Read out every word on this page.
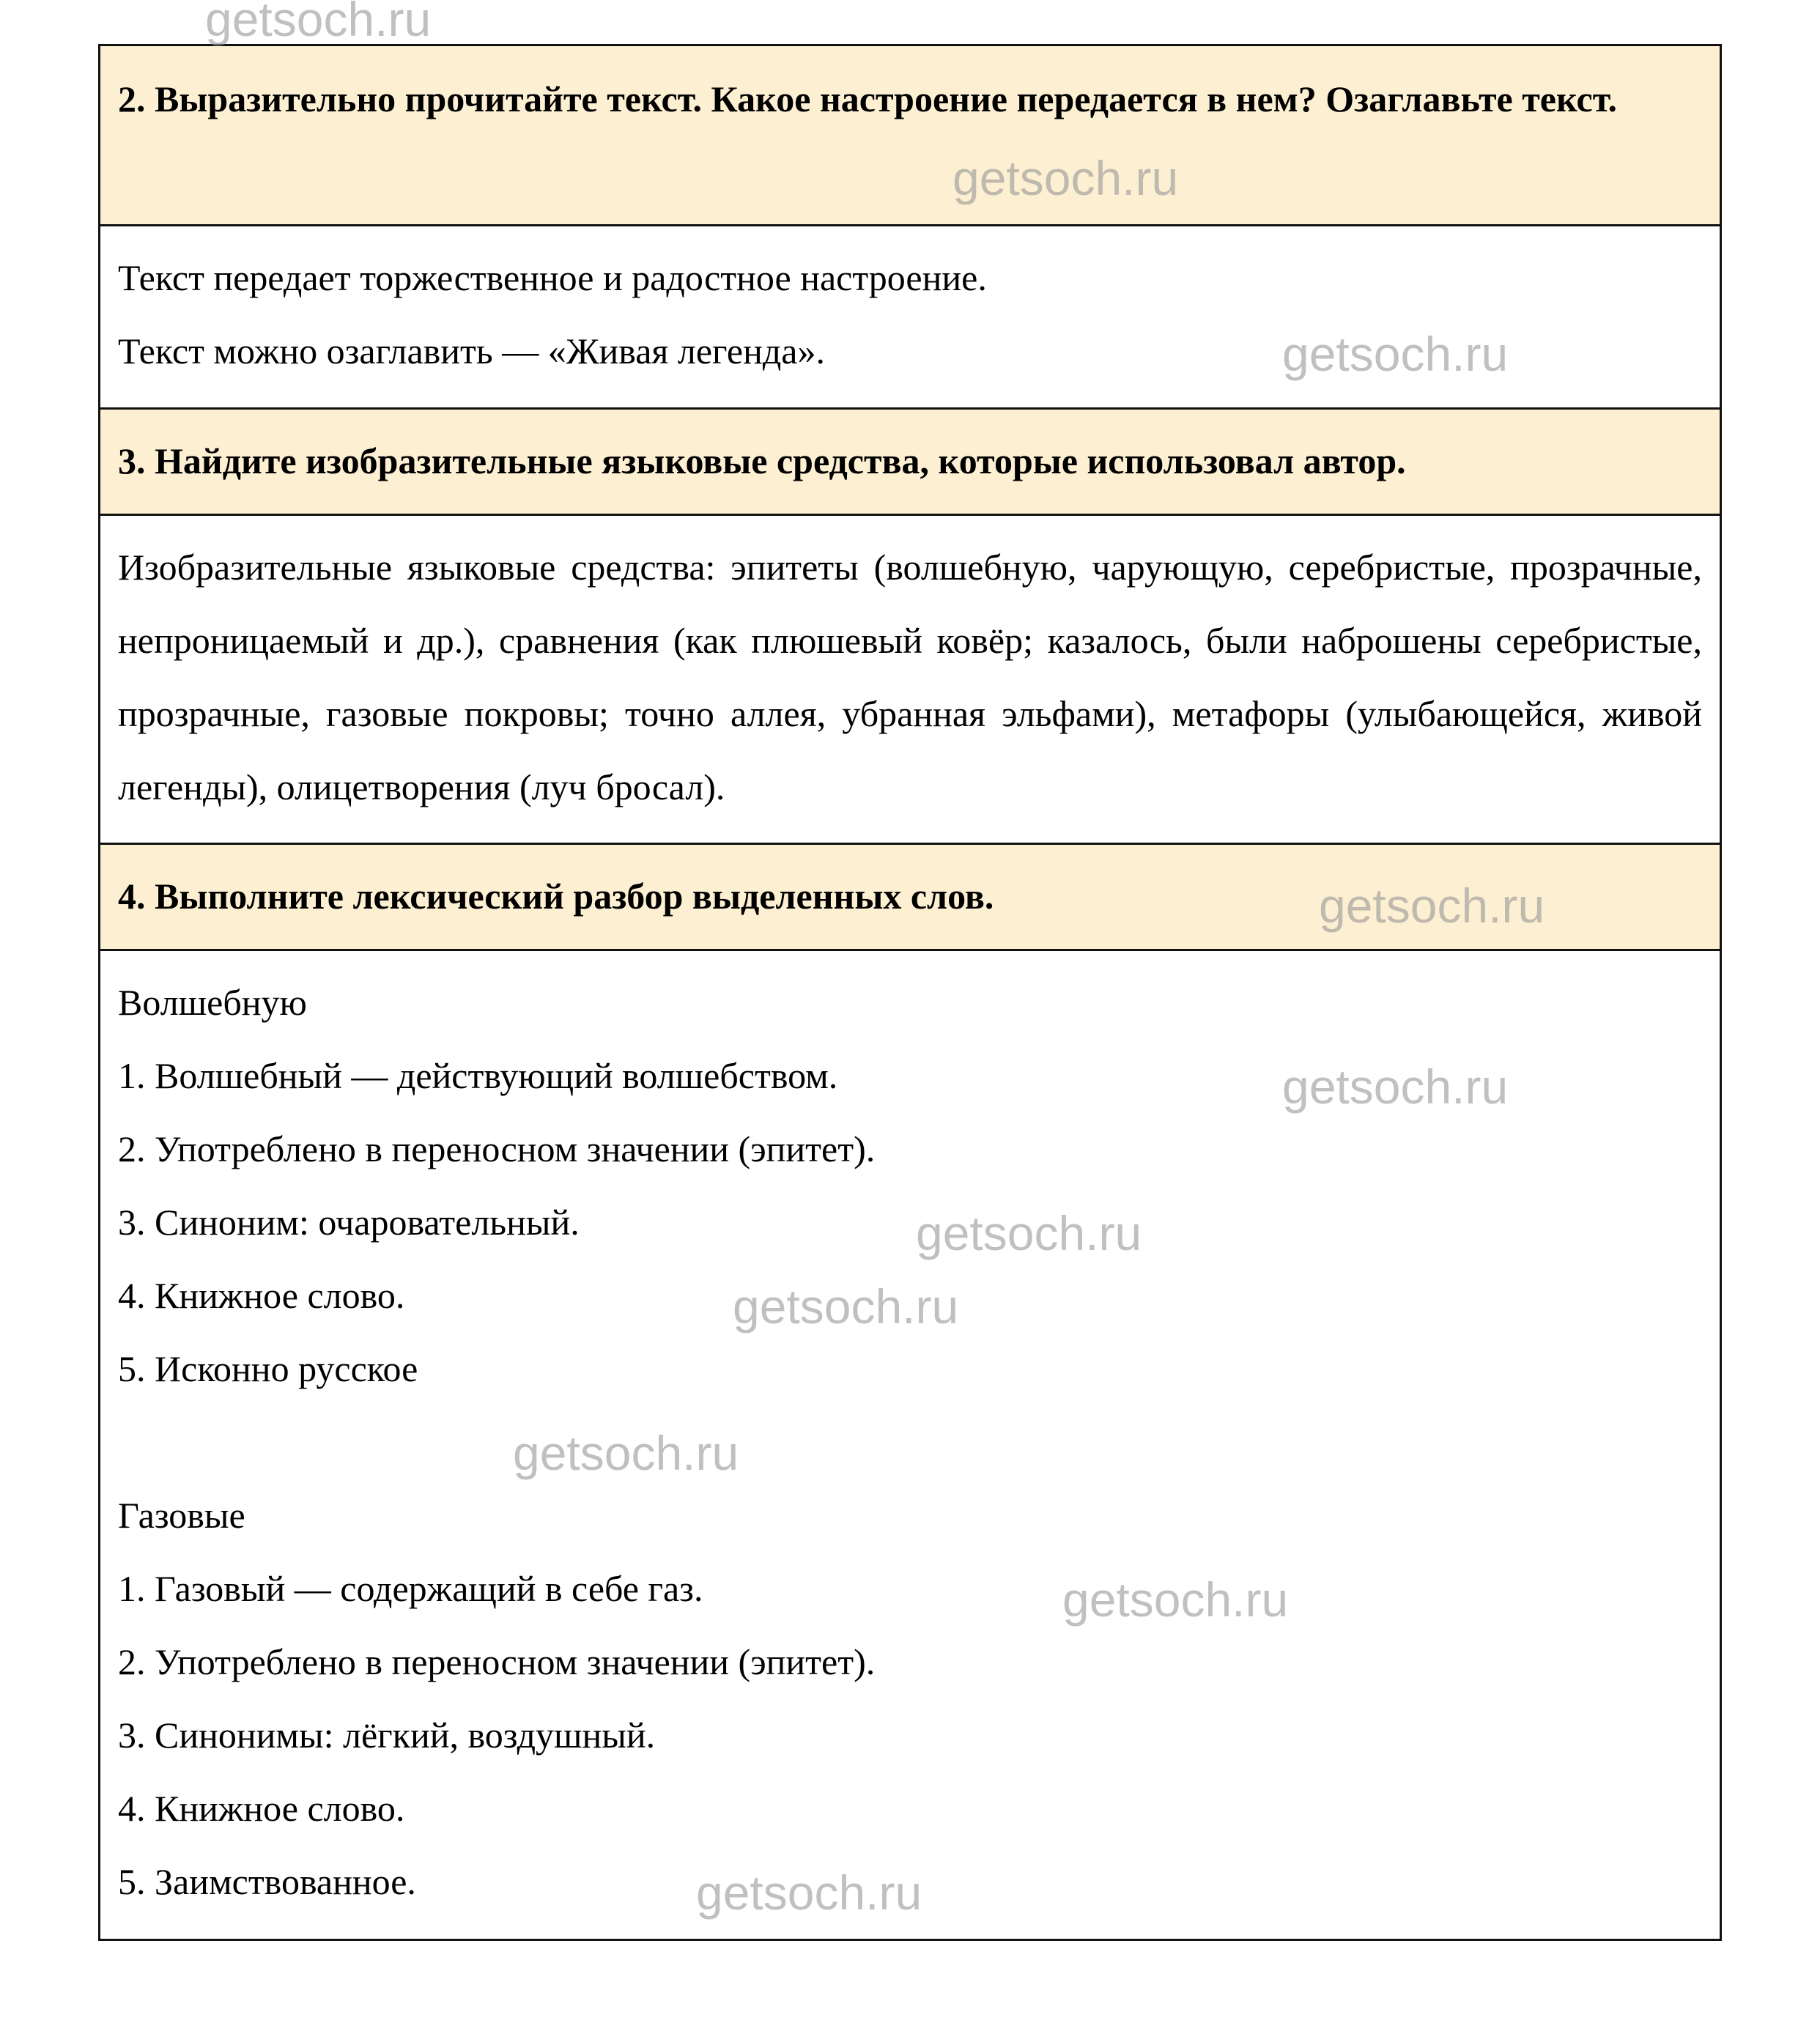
2. Выразительно прочитайте текст. Какое настроение передается в нем? Озаглавьте текст.
Текст передает торжественное и радостное настроение.
Текст можно озаглавить — «Живая легенда».
3. Найдите изобразительные языковые средства, которые использовал автор.
Изобразительные языковые средства: эпитеты (волшебную, чарующую, серебристые, прозрачные, непроницаемый и др.), сравнения (как плюшевый ковёр; казалось, были наброшены серебристые, прозрачные, газовые покровы; точно аллея, убранная эльфами), метафоры (улыбающейся, живой легенды), олицетворения (луч бросал).
4. Выполните лексический разбор выделенных слов.
Волшебную
1. Волшебный — действующий волшебством.
2. Употреблено в переносном значении (эпитет).
3. Синоним: очаровательный.
4. Книжное слово.
5. Исконно русское
Газовые
1. Газовый — содержащий в себе газ.
2. Употреблено в переносном значении (эпитет).
3. Синонимы: лёгкий, воздушный.
4. Книжное слово.
5. Заимствованное.
getsoch.ru
getsoch.ru
getsoch.ru
getsoch.ru
getsoch.ru
getsoch.ru
getsoch.ru
getsoch.ru
getsoch.ru
getsoch.ru
